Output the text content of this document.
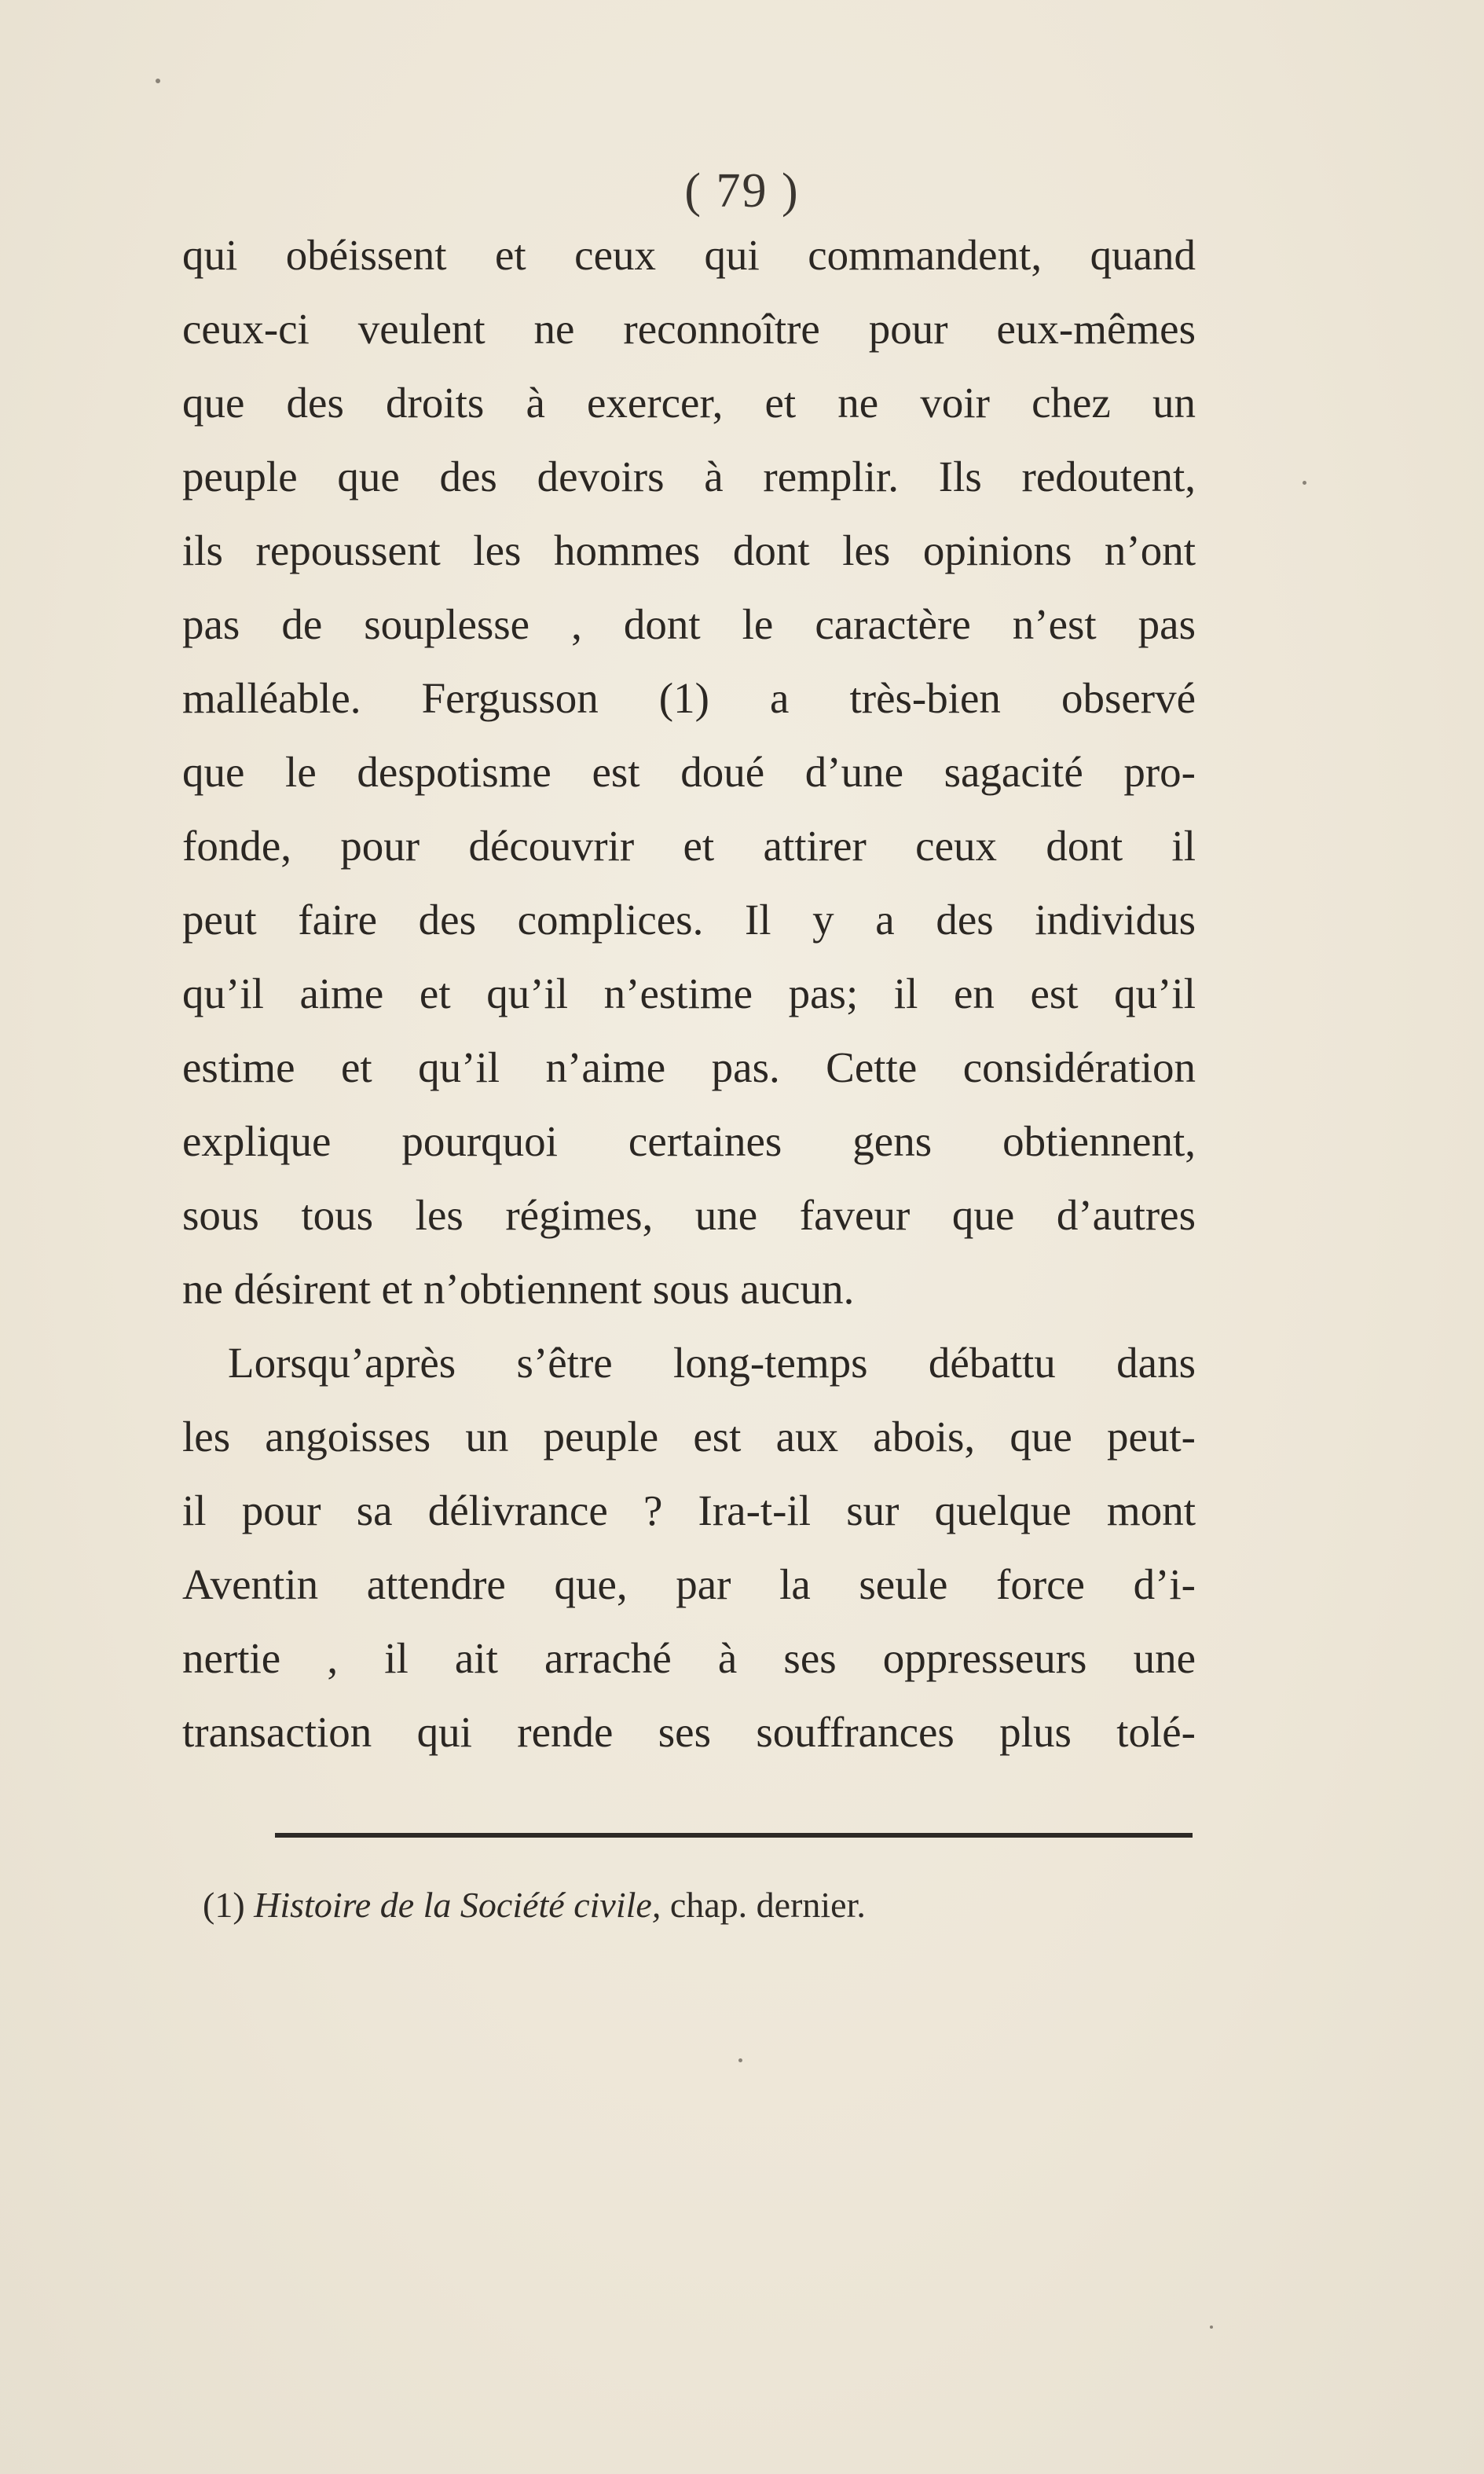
( 79 )
qui obéissent et ceux qui commandent, quand
ceux-ci veulent ne reconnoître pour eux-mêmes
que des droits à exercer, et ne voir chez un
peuple que des devoirs à remplir. Ils redoutent,
ils repoussent les hommes dont les opinions n’ont
pas de souplesse , dont le caractère n’est pas
malléable. Fergusson (1) a très-bien observé
que le despotisme est doué d’une sagacité pro-
fonde, pour découvrir et attirer ceux dont il
peut faire des complices. Il y a des individus
qu’il aime et qu’il n’estime pas; il en est qu’il
estime et qu’il n’aime pas. Cette considération
explique pourquoi certaines gens obtiennent,
sous tous les régimes, une faveur que d’autres
ne désirent et n’obtiennent sous aucun.
Lorsqu’après s’être long-temps débattu dans
les angoisses un peuple est aux abois, que peut-
il pour sa délivrance ? Ira-t-il sur quelque mont
Aventin attendre que, par la seule force d’i-
nertie , il ait arraché à ses oppresseurs une
transaction qui rende ses souffrances plus tolé-
(1) Histoire de la Société civile, chap. dernier.
